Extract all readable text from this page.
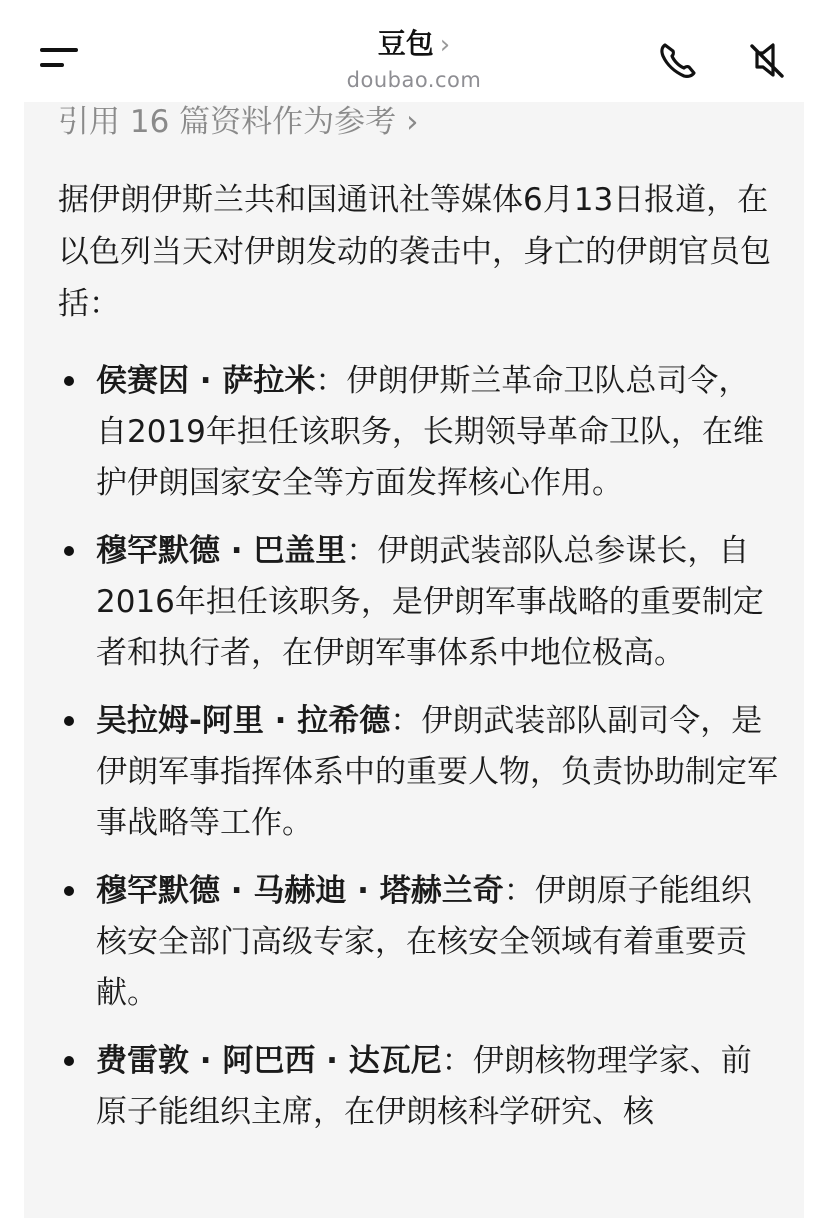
豆包 ›
doubao.com
引用 16 篇资料作为参考 ›
据伊朗伊斯兰共和国通讯社等媒体6月13日报道，在以色列当天对伊朗发动的袭击中，身亡的伊朗官员包括：
侯赛因 · 萨拉米：伊朗伊斯兰革命卫队总司令，自2019年担任该职务，长期领导革命卫队，在维护伊朗国家安全等方面发挥核心作用。
穆罕默德 · 巴盖里：伊朗武装部队总参谋长，自2016年担任该职务，是伊朗军事战略的重要制定者和执行者，在伊朗军事体系中地位极高。
吴拉姆-阿里 · 拉希德：伊朗武装部队副司令，是伊朗军事指挥体系中的重要人物，负责协助制定军事战略等工作。
穆罕默德 · 马赫迪 · 塔赫兰奇：伊朗原子能组织核安全部门高级专家，在核安全领域有着重要贡献。
费雷敦 · 阿巴西 · 达瓦尼：伊朗核物理学家、前原子能组织主席，在伊朗核科学研究、核
